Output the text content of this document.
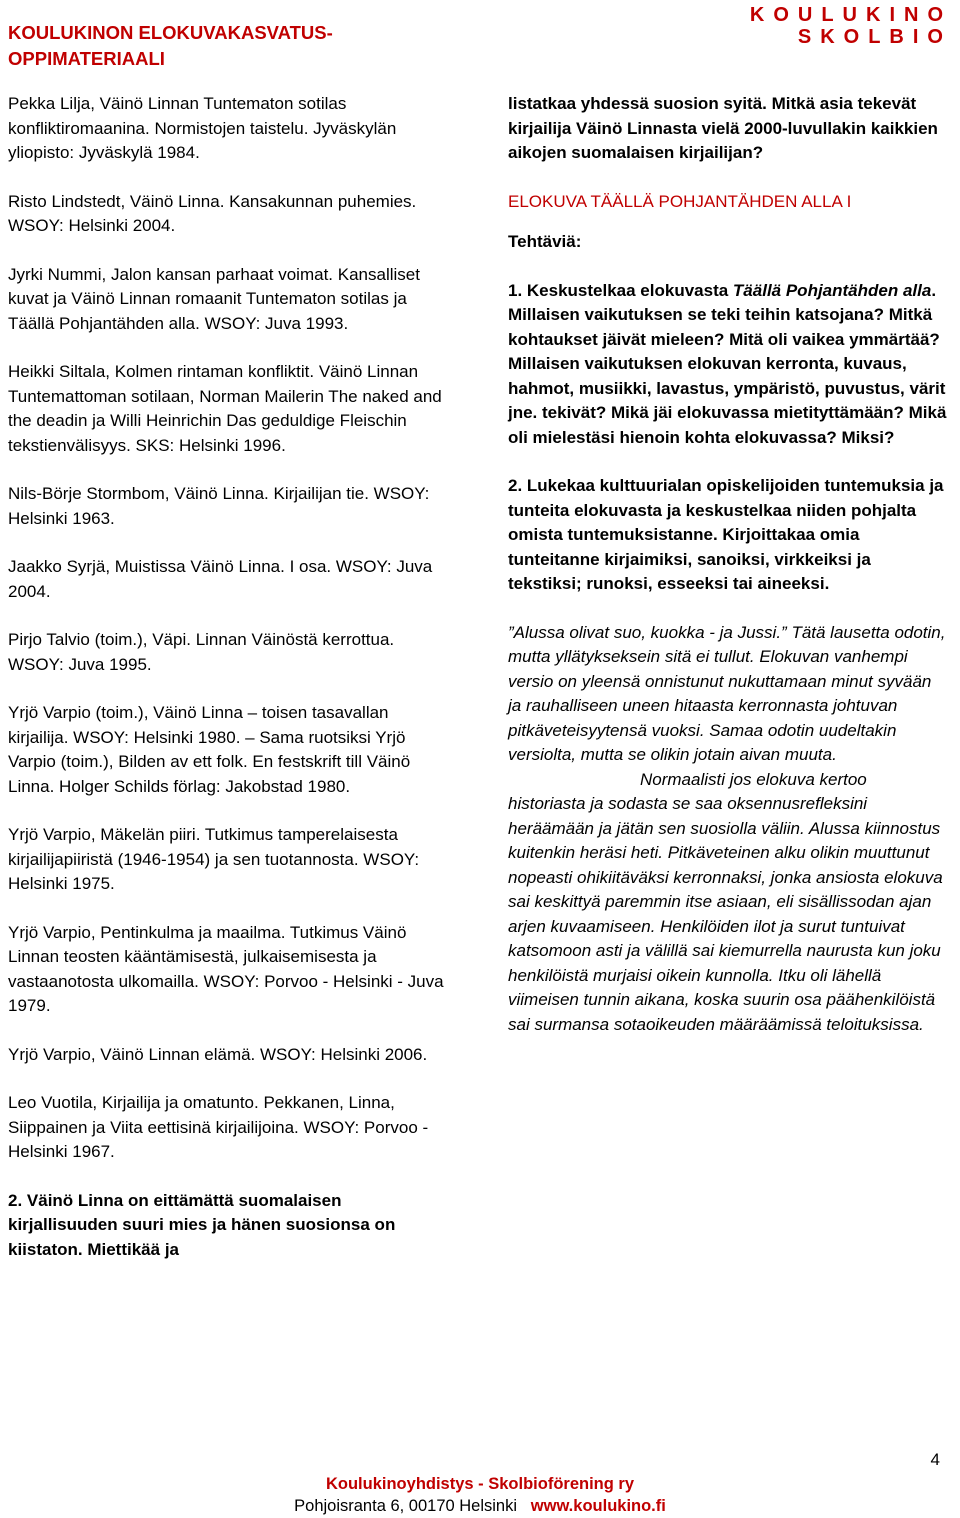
KOULUKINON ELOKUVAKASVATUS-OPPIMATERIAALI
KOULUKINO
SKOLBIO

Pekka Lilja, Väinö Linnan Tuntematon sotilas konfliktiromaanina. Normistojen taistelu. Jyväskylän yliopisto: Jyväskylä 1984.

Risto Lindstedt, Väinö Linna. Kansakunnan puhemies. WSOY: Helsinki 2004.

Jyrki Nummi, Jalon kansan parhaat voimat. Kansalliset kuvat ja Väinö Linnan romaanit Tuntematon sotilas ja Täällä Pohjantähden alla. WSOY: Juva 1993.

Heikki Siltala, Kolmen rintaman konfliktit. Väinö Linnan Tuntemattoman sotilaan, Norman Mailerin The naked and the deadin ja Willi Heinrichin Das geduldige Fleischin tekstienvälisyys. SKS: Helsinki 1996.

Nils-Börje Stormbom, Väinö Linna. Kirjailijan tie. WSOY: Helsinki 1963.

Jaakko Syrjä, Muistissa Väinö Linna. I osa. WSOY: Juva 2004.

Pirjo Talvio (toim.), Väpi. Linnan Väinöstä kerrottua. WSOY: Juva 1995.

Yrjö Varpio (toim.), Väinö Linna – toisen tasavallan kirjailija. WSOY: Helsinki 1980. – Sama ruotsiksi Yrjö Varpio (toim.), Bilden av ett folk. En festskrift till Väinö Linna. Holger Schilds förlag: Jakobstad 1980.

Yrjö Varpio, Mäkelän piiri. Tutkimus tamperelaisesta kirjailijapiiristä (1946-1954) ja sen tuotannosta. WSOY: Helsinki 1975.

Yrjö Varpio, Pentinkulma ja maailma. Tutkimus Väinö Linnan teosten kääntämisestä, julkaisemisesta ja vastaanotosta ulkomailla. WSOY: Porvoo - Helsinki - Juva 1979.

Yrjö Varpio, Väinö Linnan elämä. WSOY: Helsinki 2006.

Leo Vuotila, Kirjailija ja omatunto. Pekkanen, Linna, Siippainen ja Viita eettisinä kirjailijoina. WSOY: Porvoo - Helsinki 1967.

2. Väinö Linna on eittämättä suomalaisen kirjallisuuden suuri mies ja hänen suosionsa on kiistaton. Miettikää ja

listatkaa yhdessä suosion syitä. Mitkä asia tekevät kirjailija Väinö Linnasta vielä 2000-luvullakin kaikkien aikojen suomalaisen kirjailijan?

ELOKUVA TÄÄLLÄ POHJANTÄHDEN ALLA I

Tehtäviä:

1. Keskustelkaa elokuvasta Täällä Pohjantähden alla. Millaisen vaikutuksen se teki teihin katsojana? Mitkä kohtaukset jäivät mieleen? Mitä oli vaikea ymmärtää? Millaisen vaikutuksen elokuvan kerronta, kuvaus, hahmot, musiikki, lavastus, ympäristö, puvustus, värit jne. tekivät? Mikä jäi elokuvassa mietityttämään? Mikä oli mielestäsi hienoin kohta elokuvassa? Miksi?

2. Lukekaa kulttuurialan opiskelijoiden tuntemuksia ja tunteita elokuvasta ja keskustelkaa niiden pohjalta omista tuntemuksistanne. Kirjoittakaa omia tunteitanne kirjaimiksi, sanoiksi, virkkeiksi ja tekstiksi; runoksi, esseeksi tai aineeksi.

”Alussa olivat suo, kuokka - ja Jussi.” Tätä lausetta odotin, mutta yllätykseksein sitä ei tullut. Elokuvan vanhempi versio on yleensä onnistunut nukuttamaan minut syvään ja rauhalliseen uneen hitaasta kerronnasta johtuvan pitkäveteisyytensä vuoksi. Samaa odotin uudeltakin versiolta, mutta se olikin jotain aivan muuta.
Normaalisti jos elokuva kertoo historiasta ja sodasta se saa oksennusrefleksini heräämään ja jätän sen suosiolla väliin. Alussa kiinnostus kuitenkin heräsi heti. Pitkäveteinen alku olikin muuttunut nopeasti ohikiitäväksi kerronnaksi, jonka ansiosta elokuva sai keskittyä paremmin itse asiaan, eli sisällissodan ajan arjen kuvaamiseen. Henkilöiden ilot ja surut tuntuivat katsomoon asti ja välillä sai kiemurrella naurusta kun joku henkilöistä murjaisi oikein kunnolla. Itku oli lähellä viimeisen tunnin aikana, koska suurin osa päähenkilöistä sai surmansa sotaoikeuden määräämissä teloituksissa.

4
Koulukinoyhdistys - Skolbioförening ry
Pohjoisranta 6, 00170 Helsinki www.koulukino.fi
